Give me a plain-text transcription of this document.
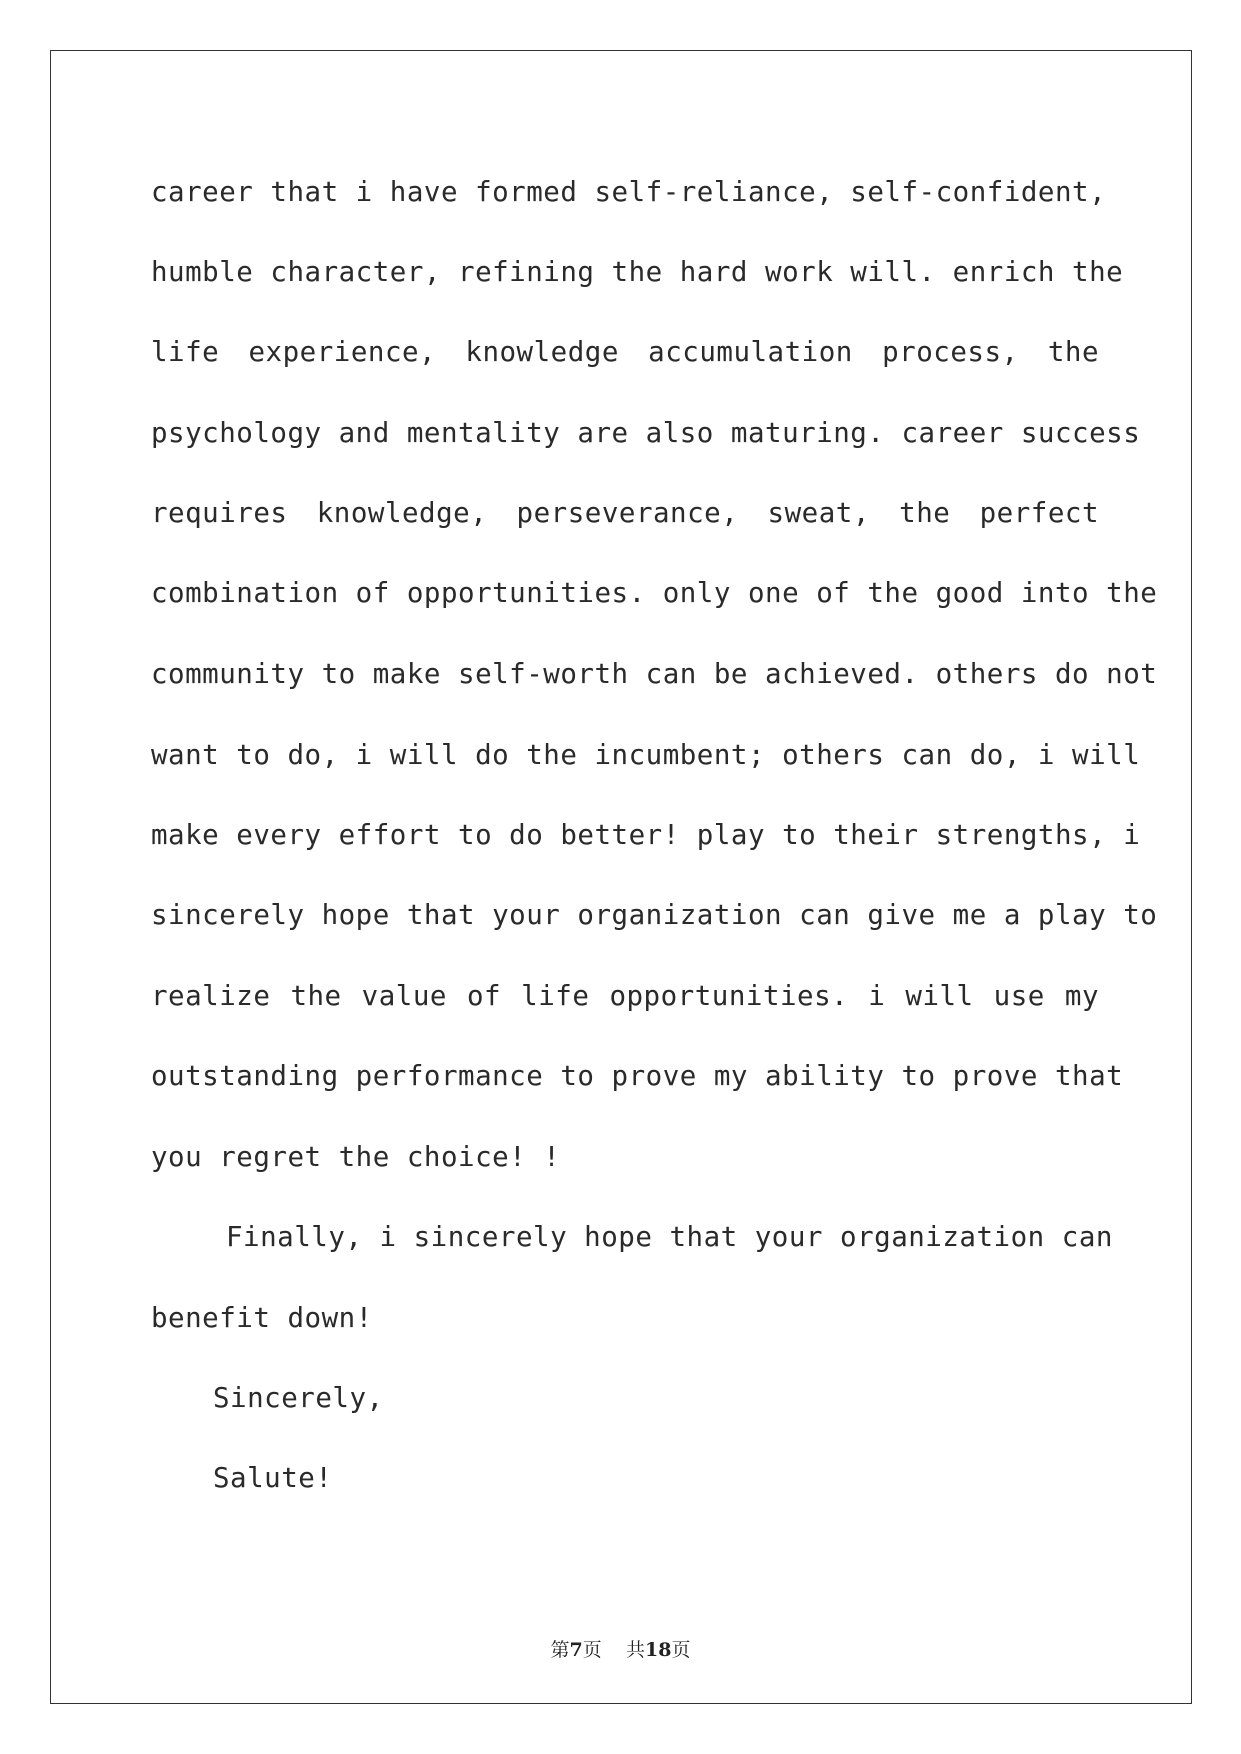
career that i have formed self-reliance, self-confident,
humble character, refining the hard work will. enrich the
life experience, knowledge accumulation process, the
psychology and mentality are also maturing. career success
requires knowledge, perseverance, sweat, the perfect
combination of opportunities. only one of the good into the
community to make self-worth can be achieved. others do not
want to do, i will do the incumbent; others can do, i will
make every effort to do better! play to their strengths, i
sincerely hope that your organization can give me a play to
realize the value of life opportunities. i will use my
outstanding performance to prove my ability to prove that
you regret the choice! !
Finally, i sincerely hope that your organization can
benefit down!
Sincerely,
Salute!
第7页 共18页
